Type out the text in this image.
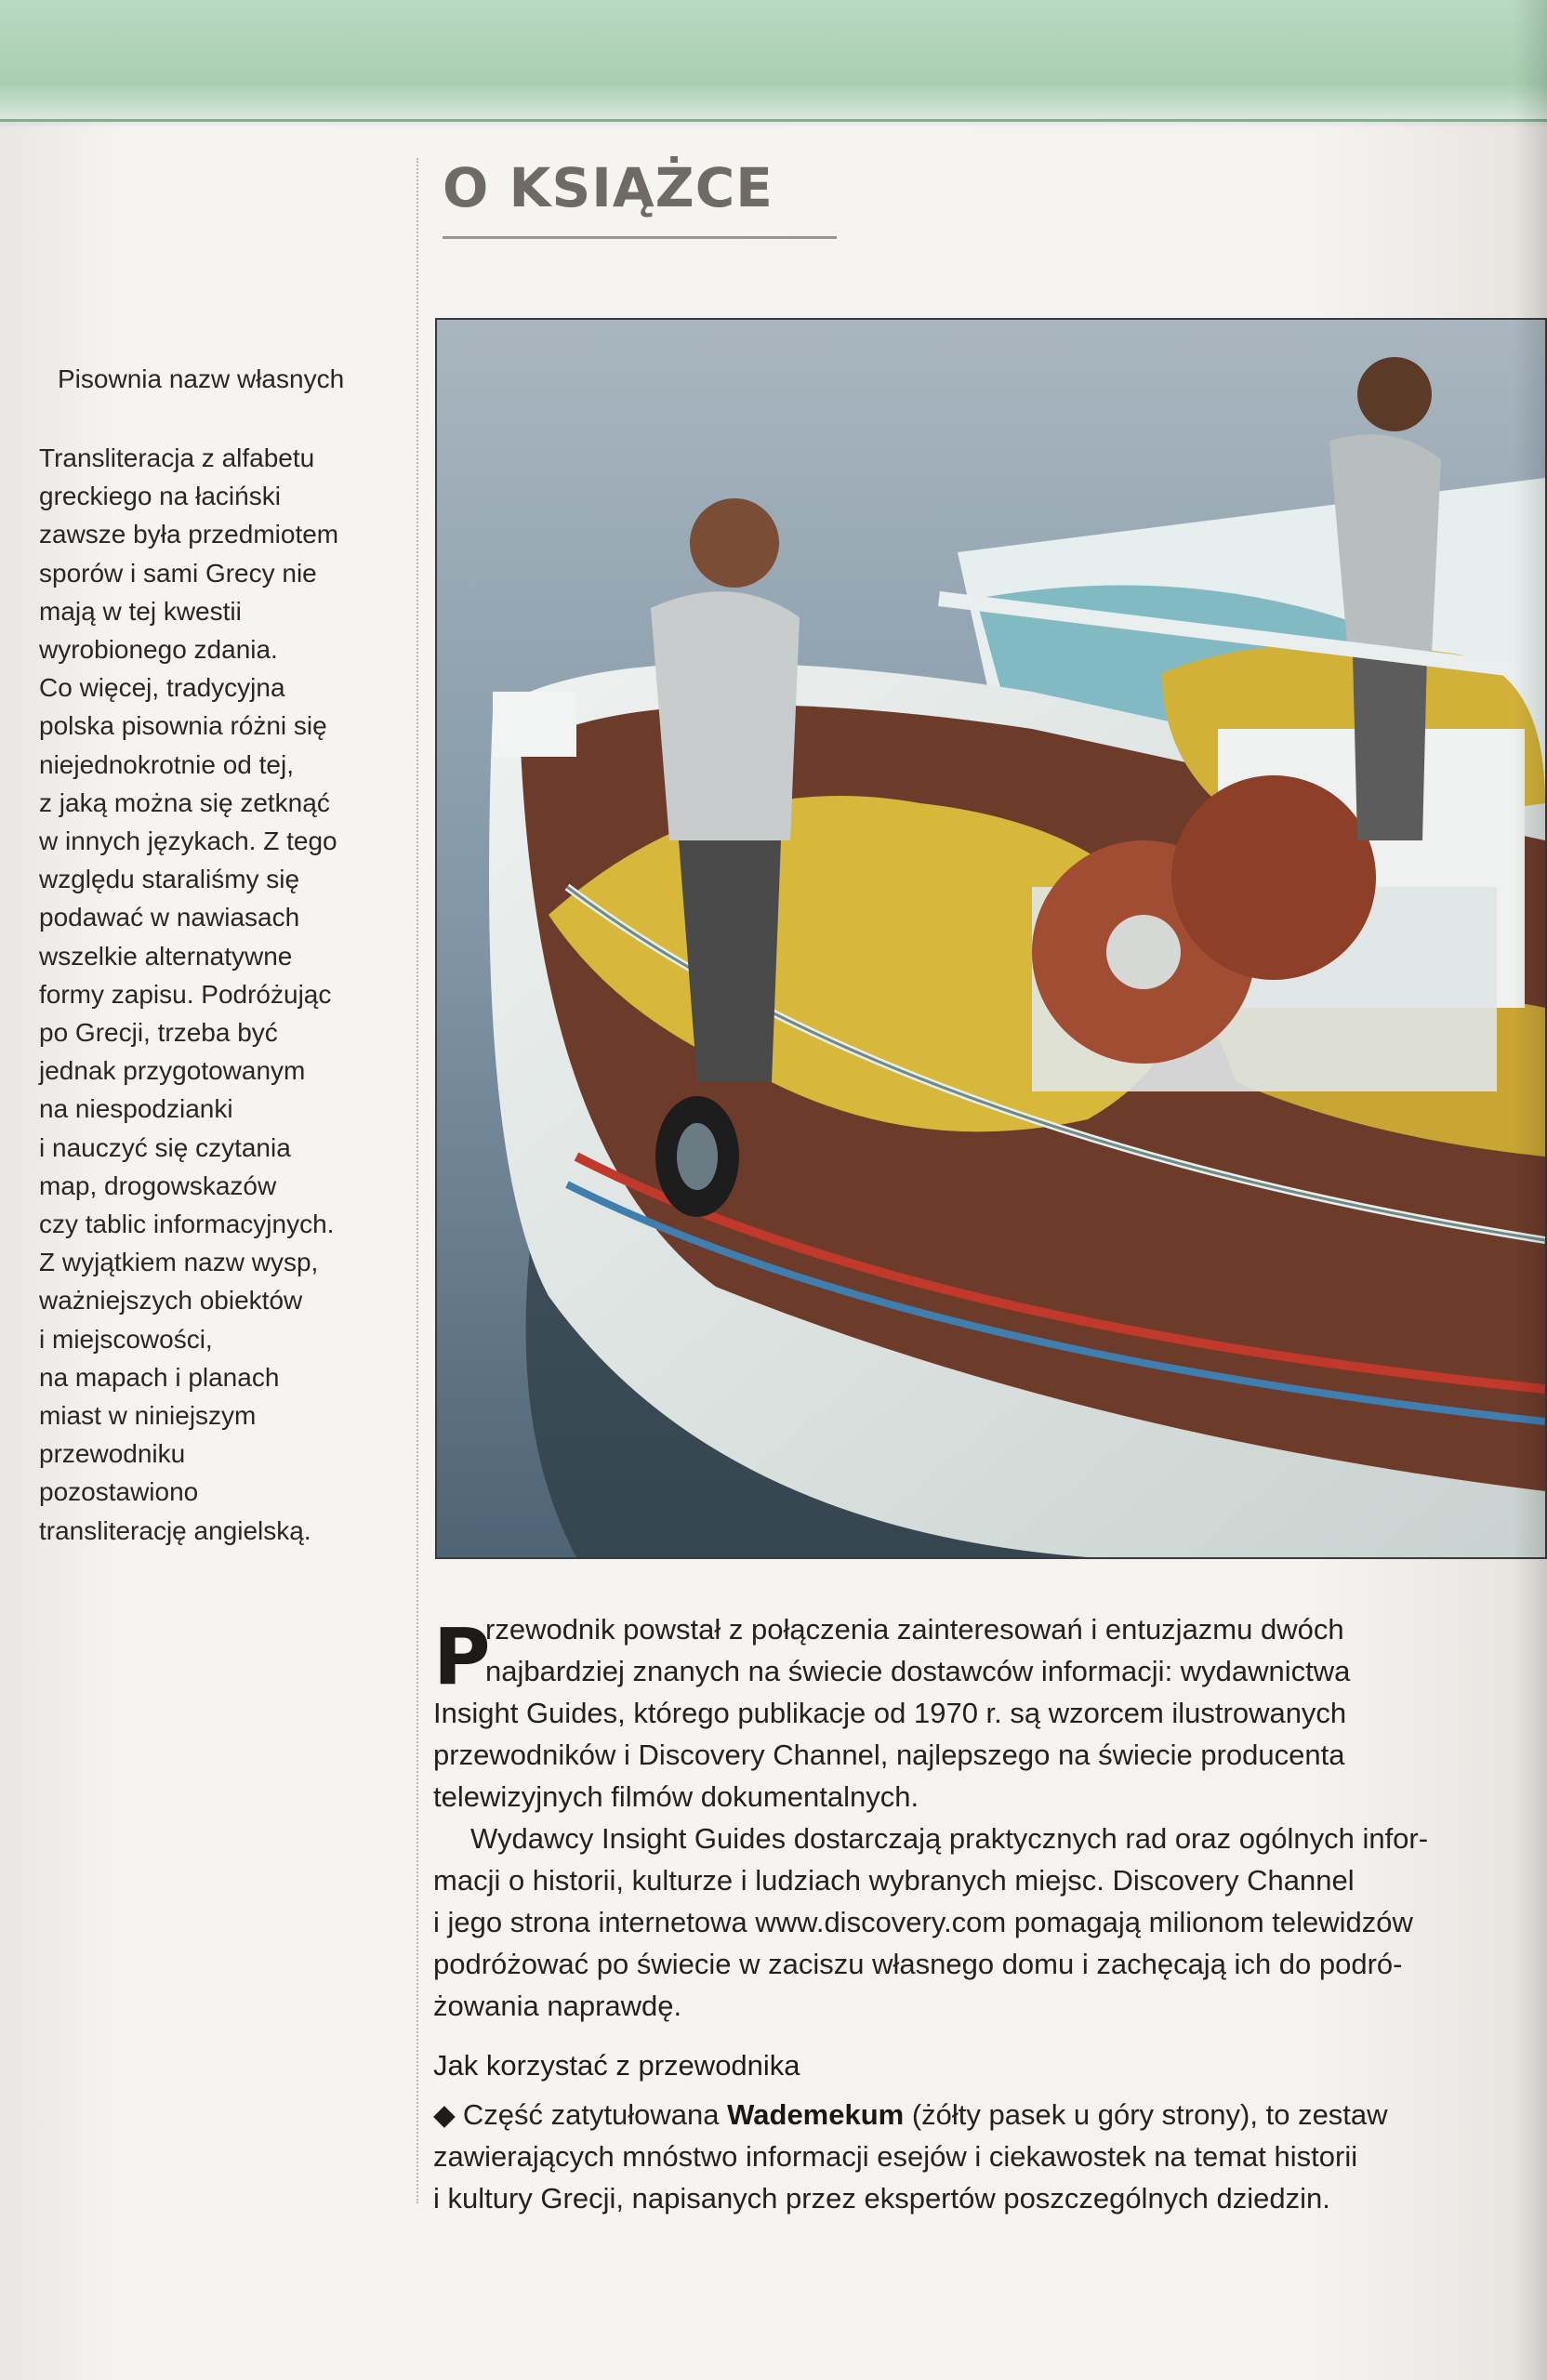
O KSIĄŻCE
Pisownia nazw własnych
Transliteracja z alfabetu
greckiego na łaciński
zawsze była przedmiotem
sporów i sami Grecy nie
mają w tej kwestii
wyrobionego zdania.
Co więcej, tradycyjna
polska pisownia różni się
niejednokrotnie od tej,
z jaką można się zetknąć
w innych językach. Z tego
względu staraliśmy się
podawać w nawiasach
wszelkie alternatywne
formy zapisu. Podróżując
po Grecji, trzeba być
jednak przygotowanym
na niespodzianki
i nauczyć się czytania
map, drogowskazów
czy tablic informacyjnych.
Z wyjątkiem nazw wysp,
ważniejszych obiektów
i miejscowości,
na mapach i planach
miast w niniejszym
przewodniku
pozostawiono
transliterację angielską.
P
rzewodnik powstał z połączenia zainteresowań i entuzjazmu dwóch
najbardziej znanych na świecie dostawców informacji: wydawnictwa
Insight Guides, którego publikacje od 1970 r. są wzorcem ilustrowanych
przewodników i Discovery Channel, najlepszego na świecie producenta
telewizyjnych filmów dokumentalnych.
Wydawcy Insight Guides dostarczają praktycznych rad oraz ogólnych infor-
macji o historii, kulturze i ludziach wybranych miejsc. Discovery Channel
i jego strona internetowa www.discovery.com pomagają milionom telewidzów
podróżować po świecie w zaciszu własnego domu i zachęcają ich do podró-
żowania naprawdę.
Jak korzystać z przewodnika
◆ Część zatytułowana Wademekum (żółty pasek u góry strony), to zestaw
zawierających mnóstwo informacji esejów i ciekawostek na temat historii
i kultury Grecji, napisanych przez ekspertów poszczególnych dziedzin.
